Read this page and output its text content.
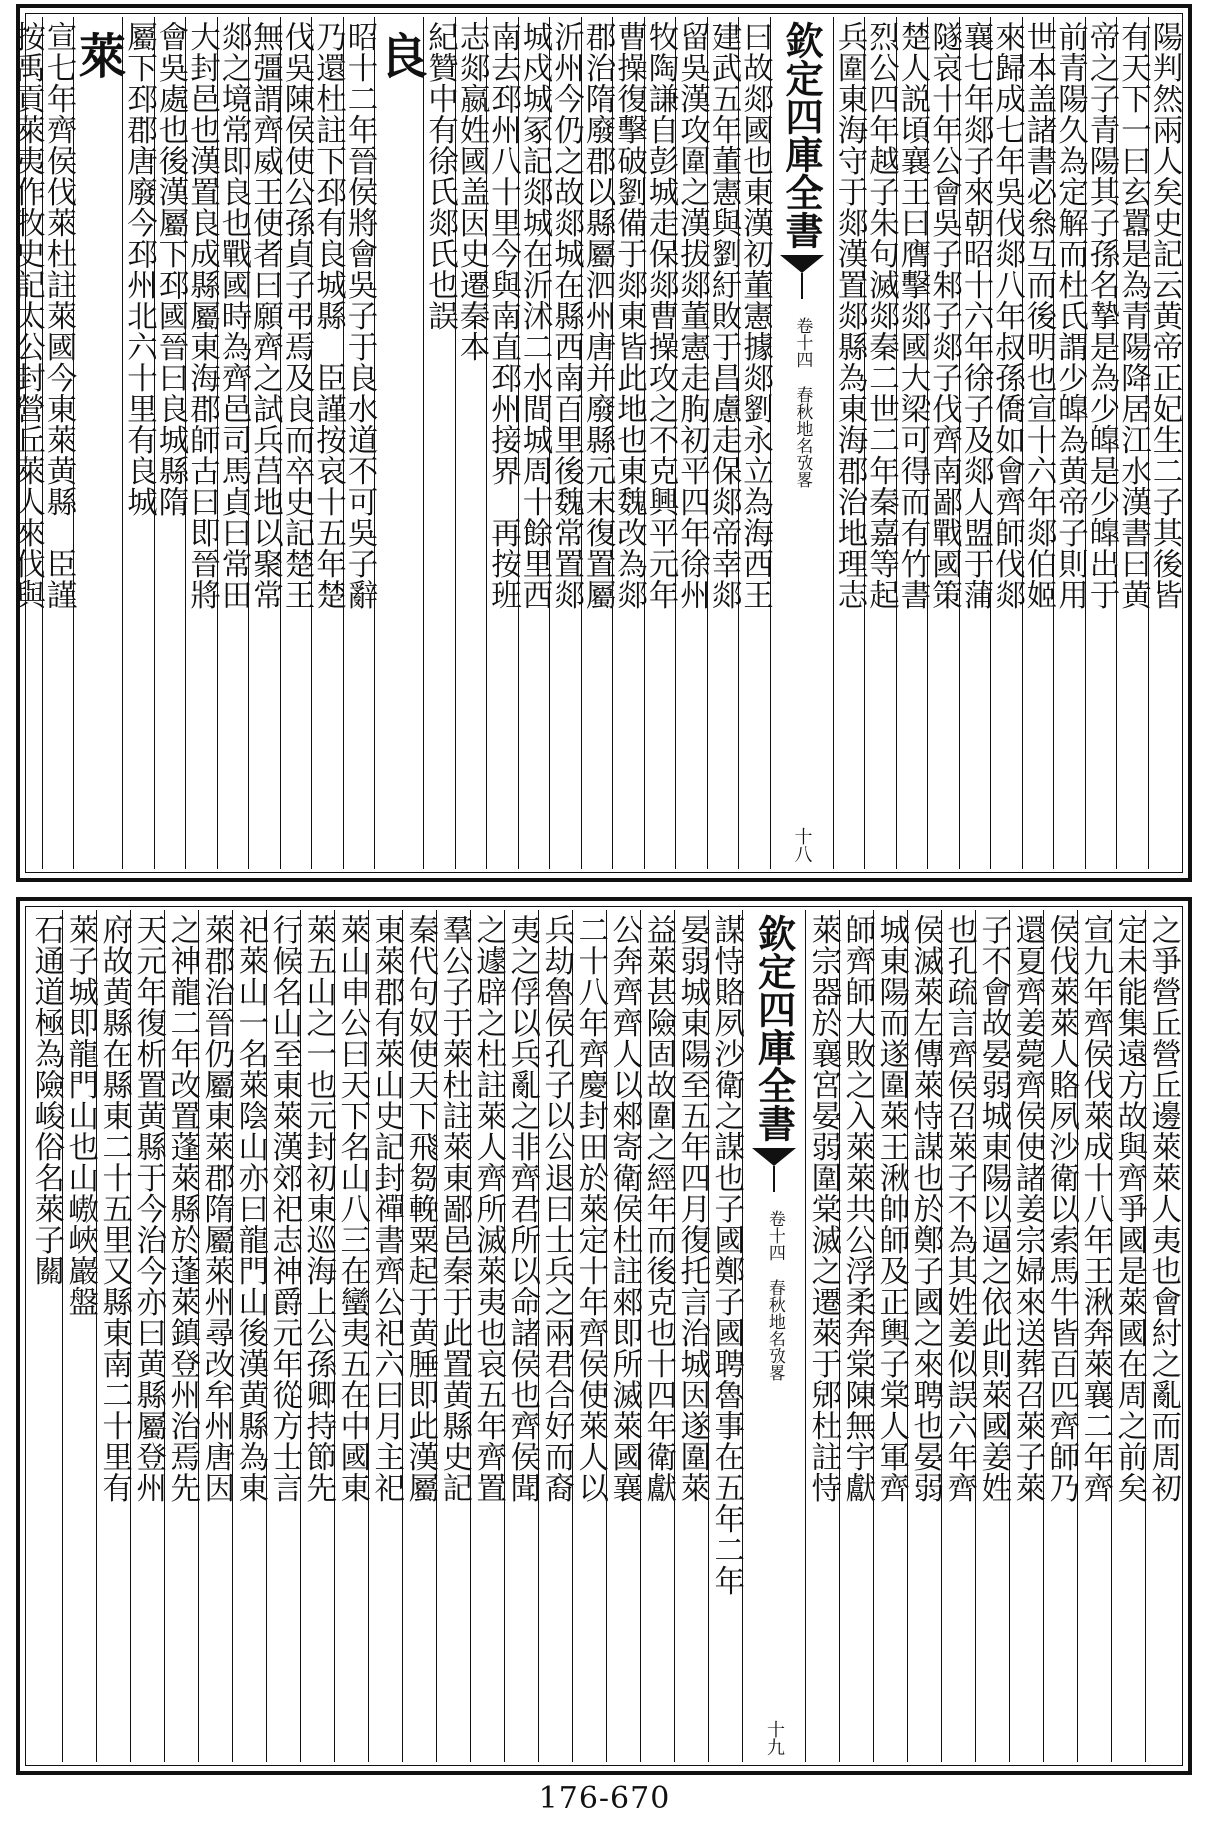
陽判然兩人矣史記云黄帝正妃生二子其後皆
有天下一曰玄囂是為青陽降居江水漢書曰黄
帝之子青陽其子孫名摯是為少皥是少皥出于
前青陽久為定解而杜氏謂少皥為黄帝子則用
世本盖諸書必叅互而後明也宣十六年郯伯姬
來歸成七年吳伐郯八年叔孫僑如會齊師伐郯
襄七年郯子來朝昭十六年徐子及郯人盟于蒲
隧哀十年公會吳子邾子郯子伐齊南鄙戰國策
楚人説頃襄王曰膺擊郯國大梁可得而有竹書
烈公四年越子朱句滅郯秦二世二年秦嘉等起
兵圍東海守于郯漢置郯縣為東海郡治地理志
欽定四庫全書
卷十四
春秋地名攷畧
十八
曰故郯國也東漢初董憲據郯劉永立為海西王
建武五年董憲與劉紆敗于昌慮走保郯帝幸郯
留吳漢攻圍之漢拔郯董憲走朐初平四年徐州
牧陶謙自彭城走保郯曹操攻之不克興平元年
曹操復擊破劉備于郯東皆此地也東魏改為郯
郡治隋廢郡以縣屬泗州唐并廢縣元末復置屬
沂州今仍之故郯城在縣西南百里後魏常置郯
城戍城冢記郯城在沂沭二水間城周十餘里西
南去邳州八十里今與南直邳州接界　再按班
志郯嬴姓國盖因史遷秦本
紀贊中有徐氏郯氏也誤
良
昭十二年晉侯將會吳子于良水道不可吳子辭
乃還杜註下邳有良城縣　臣謹按哀十五年楚
伐吳陳侯使公孫貞子弔焉及良而卒史記楚王
無彊謂齊威王使者曰願齊之試兵莒地以聚常
郯之境常即良也戰國時為齊邑司馬貞曰常田
大封邑也漢置良成縣屬東海郡師古曰即晉將
會吳處也後漢屬下邳國晉曰良城縣隋
屬下邳郡唐廢今邳州北六十里有良城
萊
宣七年齊侯伐萊杜註萊國今東萊黄縣　臣謹
按禹貢萊夷作牧史記太公封營丘萊人來伐與
之爭營丘營丘邊萊萊人夷也會紂之亂而周初
定未能集遠方故與齊爭國是萊國在周之前矣
宣九年齊侯伐萊成十八年王湫奔萊襄二年齊
侯伐萊萊人賂夙沙衛以索馬牛皆百匹齊師乃
還夏齊姜薨齊侯使諸姜宗婦來送葬召萊子萊
子不會故晏弱城東陽以逼之依此則萊國姜姓
也孔疏言齊侯召萊子不為其姓姜似誤六年齊
侯滅萊左傳萊恃謀也於鄭子國之來聘也晏弱
城東陽而遂圍萊王湫帥師及正輿子棠人軍齊
師齊師大敗之入萊萊共公浮柔奔棠陳無宇獻
萊宗器於襄宮晏弱圍棠滅之遷萊于郳杜註恃
欽定四庫全書
卷十四
春秋地名攷畧
十九
謀恃賂夙沙衛之謀也子國鄭子國聘魯事在五年二年
晏弱城東陽至五年四月復托言治城因遂圍萊
益萊甚險固故圍之經年而後克也十四年衛獻
公奔齊齊人以郲寄衛侯杜註郲即所滅萊國襄
二十八年齊慶封田於萊定十年齊侯使萊人以
兵劫魯侯孔子以公退曰士兵之兩君合好而裔
夷之俘以兵亂之非齊君所以命諸侯也齊侯聞
之遽辟之杜註萊人齊所滅萊夷也哀五年齊置
羣公子于萊杜註萊東鄙邑秦于此置黄縣史記
秦代句奴使天下飛芻輓粟起于黄腄即此漢屬
東萊郡有萊山史記封禪書齊公祀六曰月主祀
萊山申公曰天下名山八三在蠻夷五在中國東
萊五山之一也元封初東巡海上公孫卿持節先
行候名山至東萊漢郊祀志神爵元年從方士言
祀萊山一名萊陰山亦曰龍門山後漢黄縣為東
萊郡治晉仍屬東萊郡隋屬萊州尋改牟州唐因
之神龍二年改置蓬萊縣於蓬萊鎮登州治焉先
天元年復析置黄縣于今治今亦曰黄縣屬登州
府故黄縣在縣東二十五里又縣東南二十里有
萊子城即龍門山也山㠂峽巖盤
石通道極為險峻俗名萊子關
176-670
